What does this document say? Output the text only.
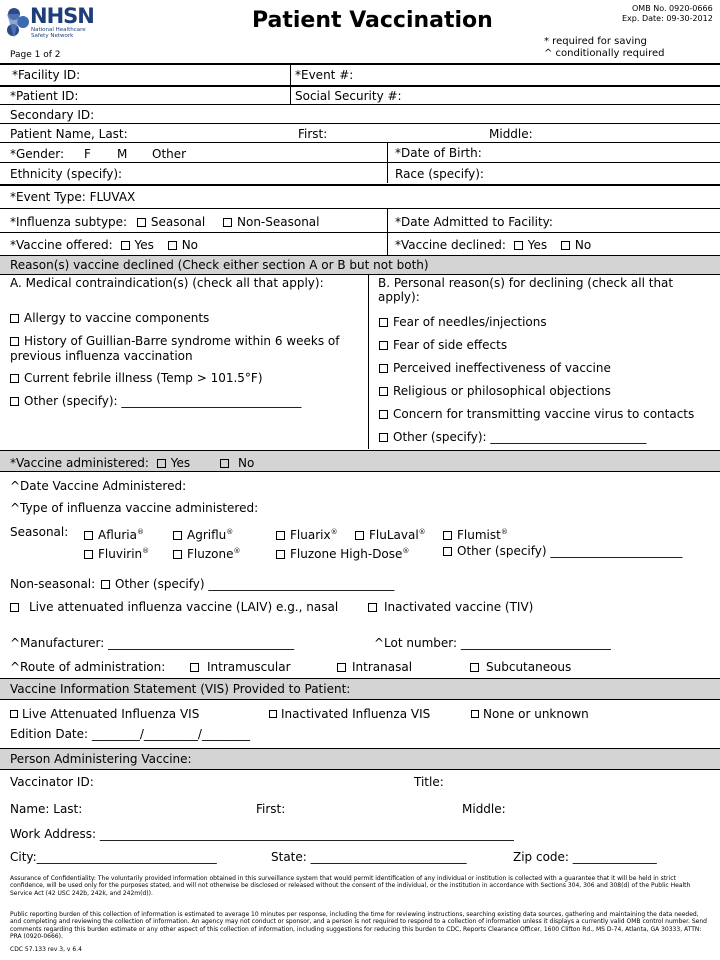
NHSN
National Healthcare
Safety Network
Patient Vaccination	OMB No. 0920-0666
Exp. Date: 09-30-2012
* required for saving
^ conditionally required
Page 1 of 2
*Facility ID:	*Event #:
*Patient ID:	Social Security #:
Secondary ID:
Patient Name, Last:	First:	Middle:
*Gender: F M Other	*Date of Birth:
Ethnicity (specify):	Race (specify):
*Event Type: FLUVAX
*Influenza subtype: Seasonal	Non-Seasonal	*Date Admitted to Facility:
*Vaccine offered: Yes No	*Vaccine declined: Yes No
Reason(s) vaccine declined (Check either section A or B but not both)
A. Medical contraindication(s) (check all that apply):
Allergy to vaccine components
History of Guillian-Barre syndrome within 6 weeks of
previous influenza vaccination
Current febrile illness (Temp > 101.5°F)
Other (specify): ______________________________
B. Personal reason(s) for declining (check all that
apply):
Fear of needles/injections
Fear of side effects
Perceived ineffectiveness of vaccine
Religious or philosophical objections
Concern for transmitting vaccine virus to contacts
Other (specify): __________________________
*Vaccine administered: Yes	No
^Date Vaccine Administered:
^Type of influenza vaccine administered:
Seasonal:	Afluria®	Agriflu®	Fluarix®	FluLaval®	Flumist®
Fluvirin®	Fluzone®	Fluzone High-Dose®	Other (specify) ______________________
Non-seasonal: Other (specify) _______________________________
Live attenuated influenza vaccine (LAIV) e.g., nasal	Inactivated vaccine (TIV)
^Manufacturer: _______________________________	^Lot number: _________________________
^Route of administration:	Intramuscular	Intranasal	Subcutaneous
Vaccine Information Statement (VIS) Provided to Patient:
Live Attenuated Influenza VIS	Inactivated Influenza VIS	None or unknown
Edition Date: ________/_________/________
Person Administering Vaccine:
Vaccinator ID:	Title:
Name: Last:	First:	Middle:
Work Address: _____________________________________________________________________
City:______________________________	State: __________________________	Zip code: ______________
Assurance of Confidentiality: The voluntarily provided information obtained in this surveillance system that would permit identification of any individual or institution is collected with a guarantee that it will be held in strict confidence, will be used only for the purposes stated, and will not otherwise be disclosed or released without the consent of the individual, or the institution in accordance with Sections 304, 306 and 308(d) of the Public Health Service Act (42 USC 242b, 242k, and 242m(d)).
Public reporting burden of this collection of information is estimated to average 10 minutes per response, including the time for reviewing instructions, searching existing data sources, gathering and maintaining the data needed, and completing and reviewing the collection of information. An agency may not conduct or sponsor, and a person is not required to respond to a collection of information unless it displays a currently valid OMB control number. Send comments regarding this burden estimate or any other aspect of this collection of information, including suggestions for reducing this burden to CDC, Reports Clearance Officer, 1600 Clifton Rd., MS D-74, Atlanta, GA 30333, ATTN: PRA (0920-0666).
CDC 57.133 rev 3, v 6.4
